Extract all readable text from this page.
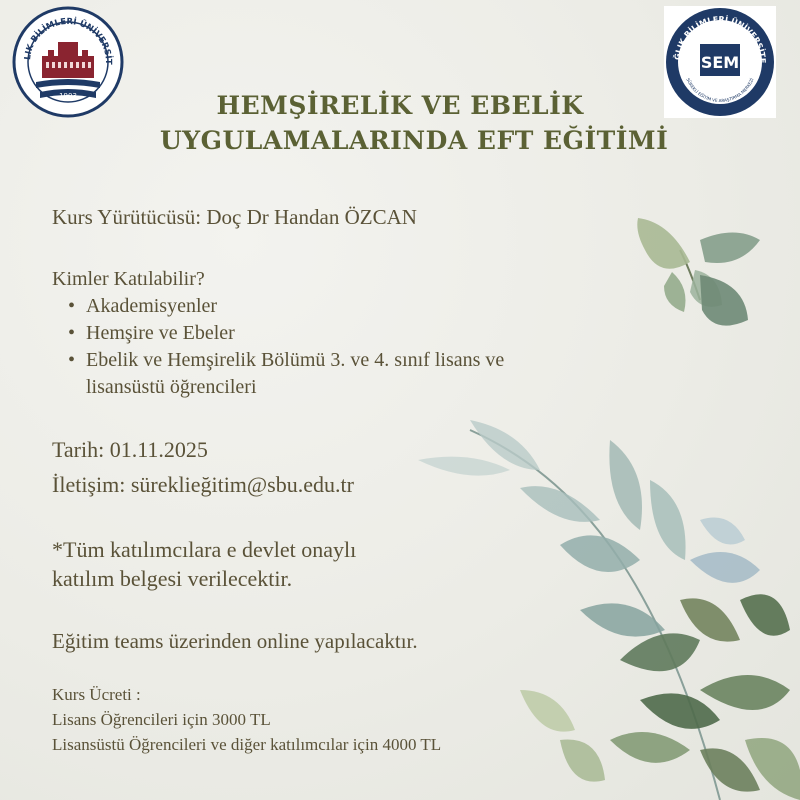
LIK BİLİMLERİ ÜNİVERSİT
1903
ĞLIK BİLİMLERİ ÜNİVERSİTE
SÜREKLİ EĞİTİM VE ARAŞTIRMA MERKEZİ
SEM
HEMŞİRELİK VE EBELİK
UYGULAMALARINDA EFT EĞİTİMİ
Kurs Yürütücüsü: Doç Dr Handan ÖZCAN
Kimler Katılabilir?
• Akademisyenler
• Hemşire ve Ebeler
• Ebelik ve Hemşirelik Bölümü 3. ve 4. sınıf lisans ve
lisansüstü öğrencileri
Tarih: 01.11.2025
İletişim: süreklieğitim@sbu.edu.tr
*Tüm katılımcılara e devlet onaylı
katılım belgesi verilecektir.
Eğitim teams üzerinden online yapılacaktır.
Kurs Ücreti :
Lisans Öğrencileri için 3000 TL
Lisansüstü Öğrencileri ve diğer katılımcılar için 4000 TL
